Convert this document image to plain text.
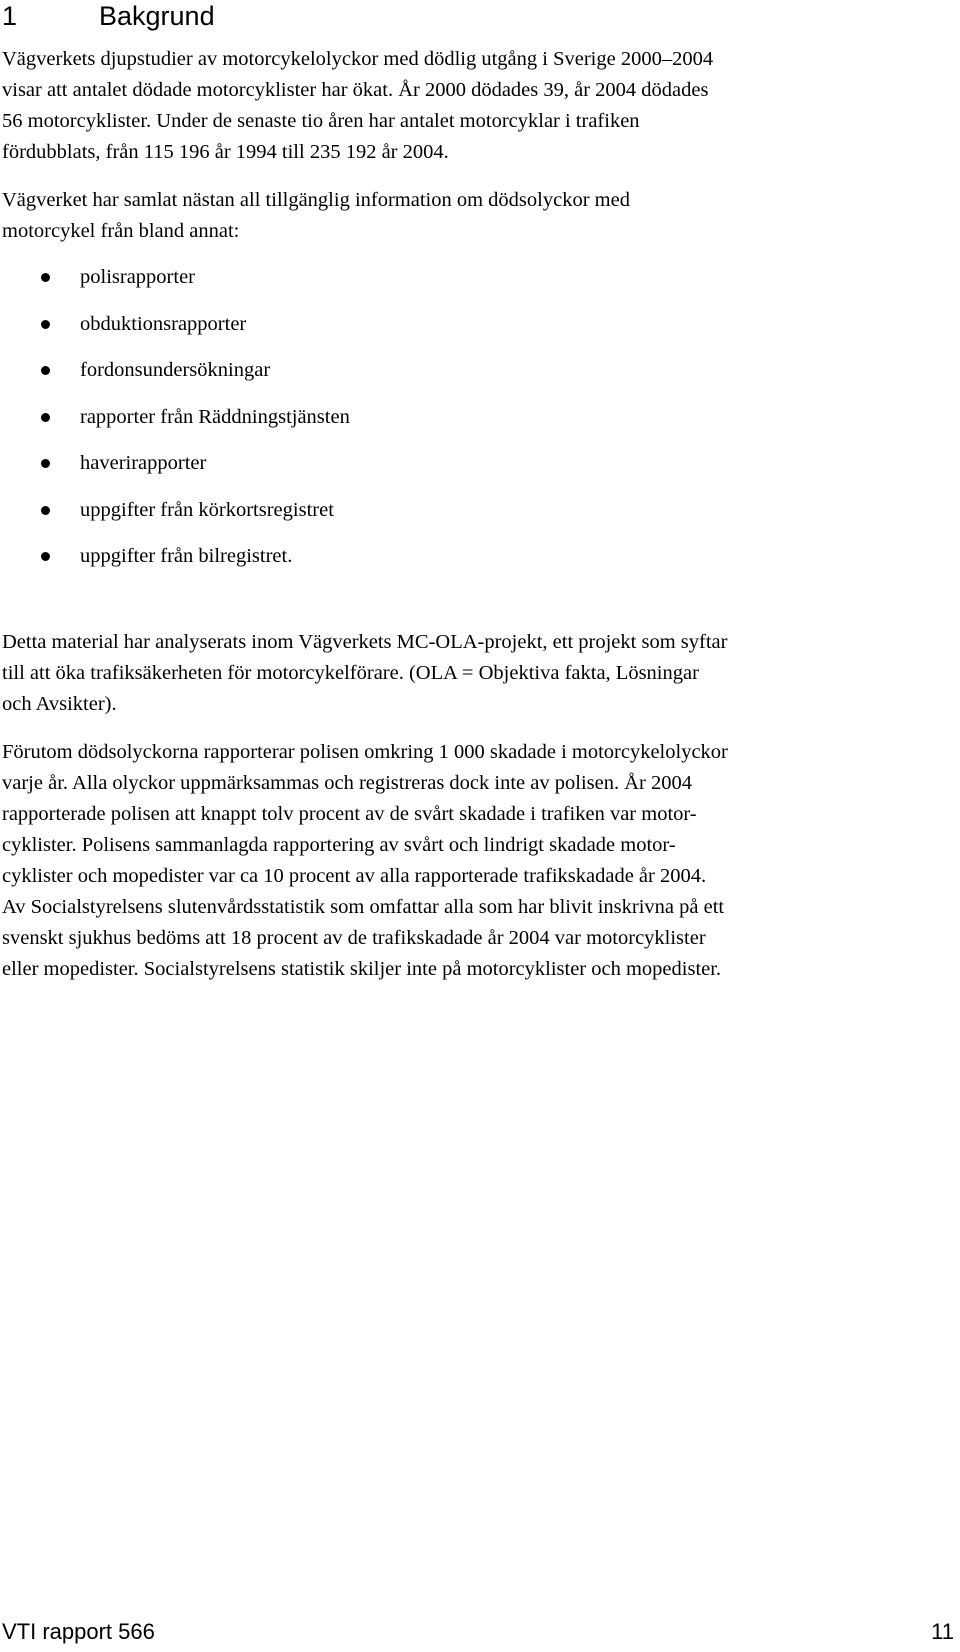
1	Bakgrund

Vägverkets djupstudier av motorcykelolyckor med dödlig utgång i Sverige 2000–2004
visar att antalet dödade motorcyklister har ökat. År 2000 dödades 39, år 2004 dödades
56 motorcyklister. Under de senaste tio åren har antalet motorcyklar i trafiken
fördubblats, från 115 196 år 1994 till 235 192 år 2004.

Vägverket har samlat nästan all tillgänglig information om dödsolyckor med
motorcykel från bland annat:

polisrapporter
obduktionsrapporter
fordonsundersökningar
rapporter från Räddningstjänsten
haverirapporter
uppgifter från körkortsregistret
uppgifter från bilregistret.

Detta material har analyserats inom Vägverkets MC-OLA-projekt, ett projekt som syftar
till att öka trafiksäkerheten för motorcykelförare. (OLA = Objektiva fakta, Lösningar
och Avsikter).

Förutom dödsolyckorna rapporterar polisen omkring 1 000 skadade i motorcykelolyckor
varje år. Alla olyckor uppmärksammas och registreras dock inte av polisen. År 2004
rapporterade polisen att knappt tolv procent av de svårt skadade i trafiken var motor-
cyklister. Polisens sammanlagda rapportering av svårt och lindrigt skadade motor-
cyklister och mopedister var ca 10 procent av alla rapporterade trafikskadade år 2004.
Av Socialstyrelsens slutenvårdsstatistik som omfattar alla som har blivit inskrivna på ett
svenskt sjukhus bedöms att 18 procent av de trafikskadade år 2004 var motorcyklister
eller mopedister. Socialstyrelsens statistik skiljer inte på motorcyklister och mopedister.

VTI rapport 566	11
